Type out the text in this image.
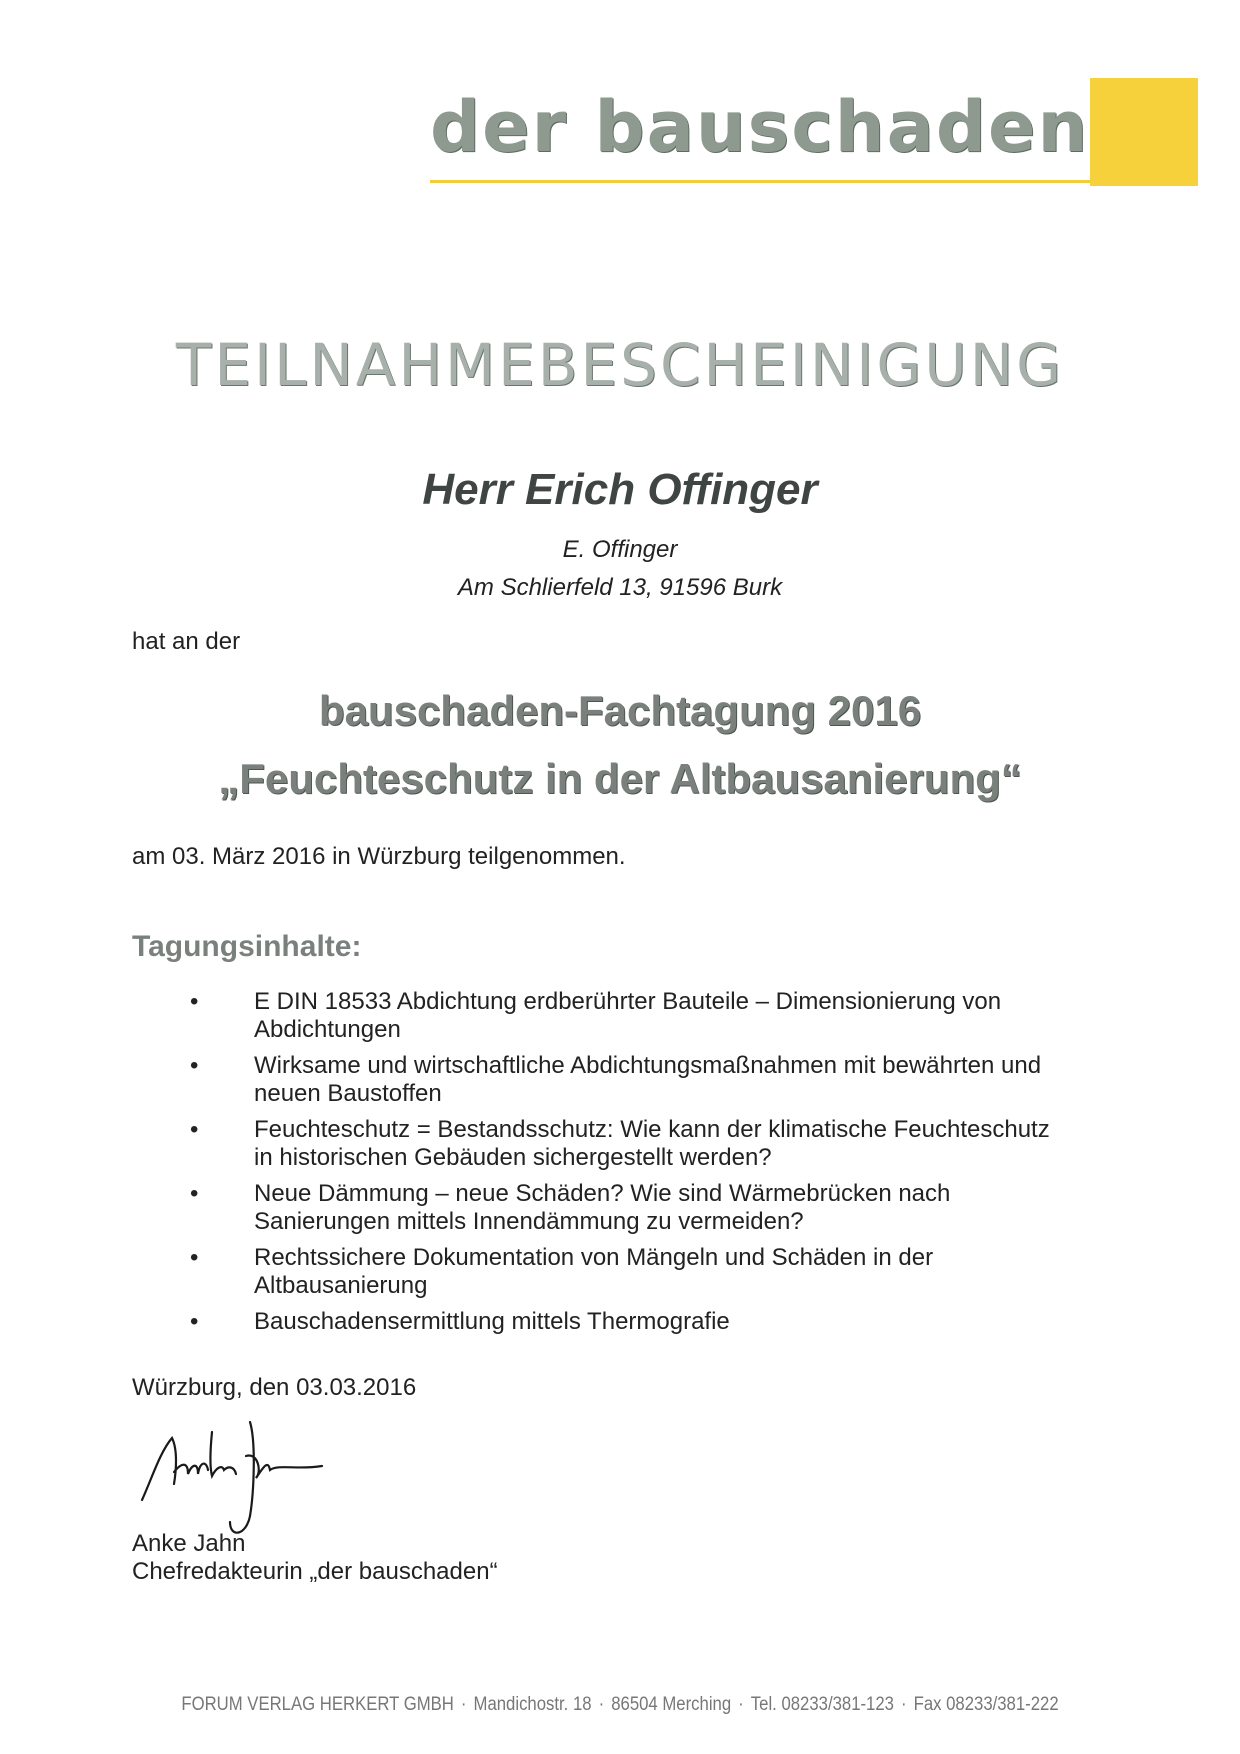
der bauschaden
TEILNAHMEBESCHEINIGUNG
Herr Erich Offinger
E. Offinger
Am Schlierfeld 13, 91596 Burk
hat an der
bauschaden-Fachtagung 2016
„Feuchteschutz in der Altbausanierung“
am 03. März 2016 in Würzburg teilgenommen.
Tagungsinhalte:
• E DIN 18533 Abdichtung erdberührter Bauteile – Dimensionierung von Abdichtungen
• Wirksame und wirtschaftliche Abdichtungsmaßnahmen mit bewährten und neuen Baustoffen
• Feuchteschutz = Bestandsschutz: Wie kann der klimatische Feuchteschutz in historischen Gebäuden sichergestellt werden?
• Neue Dämmung – neue Schäden? Wie sind Wärmebrücken nach Sanierungen mittels Innendämmung zu vermeiden?
• Rechtssichere Dokumentation von Mängeln und Schäden in der Altbausanierung
• Bauschadensermittlung mittels Thermografie
Würzburg, den 03.03.2016
Anke Jahn
Chefredakteurin „der bauschaden“
FORUM VERLAG HERKERT GMBH · Mandichostr. 18 · 86504 Merching · Tel. 08233/381-123 · Fax 08233/381-222
